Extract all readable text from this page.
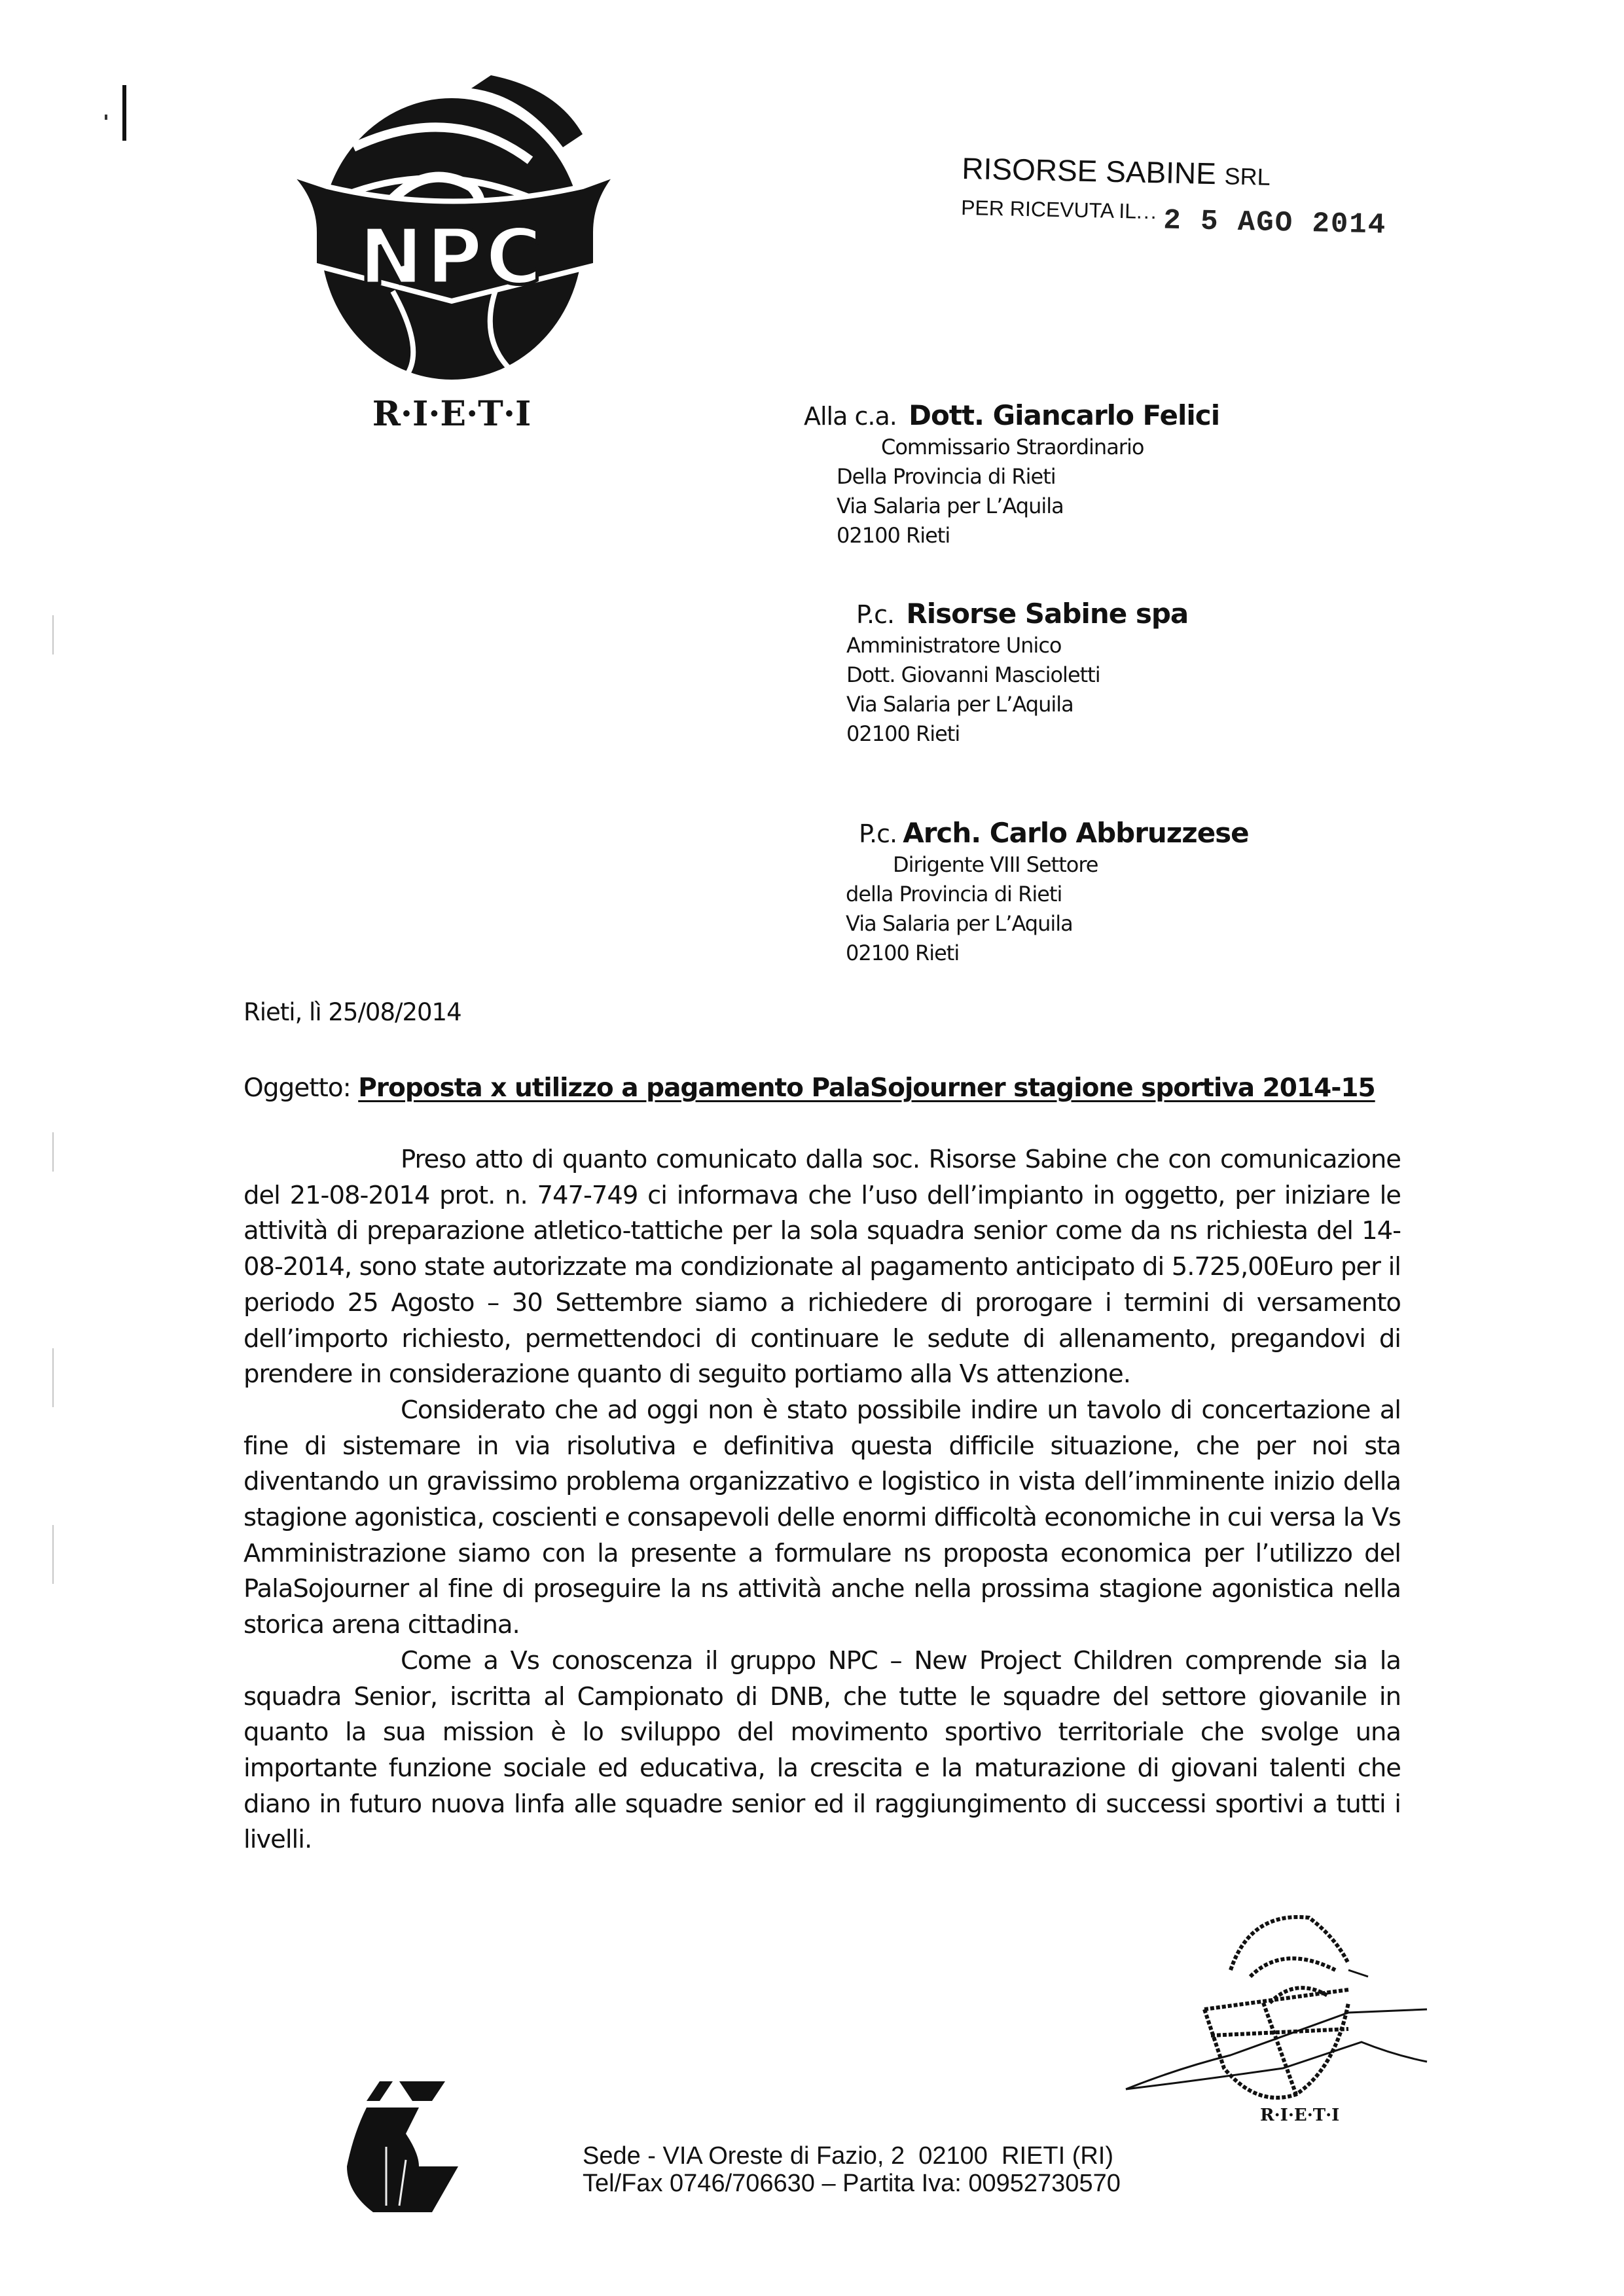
NPC
R·I·E·T·I
RISORSE SABINE SRL
PER RICEVUTA IL... 2 5 AGO 2014
Alla c.a. Dott. Giancarlo Felici
Commissario Straordinario
Della Provincia di Rieti
Via Salaria per L’Aquila
02100 Rieti
P.c. Risorse Sabine spa
Amministratore Unico
Dott. Giovanni Mascioletti
Via Salaria per L’Aquila
02100 Rieti
P.c. Arch. Carlo Abbruzzese
Dirigente VIII Settore
della Provincia di Rieti
Via Salaria per L’Aquila
02100 Rieti
Rieti, lì 25/08/2014
Oggetto: Proposta x utilizzo a pagamento PalaSojourner stagione sportiva 2014-15

Preso atto di quanto comunicato dalla soc. Risorse Sabine che con comunicazione del 21-08-2014 prot. n. 747-749 ci informava che l’uso dell’impianto in oggetto, per iniziare le attività di preparazione atletico-tattiche per la sola squadra senior come da ns richiesta del 14-08-2014, sono state autorizzate ma condizionate al pagamento anticipato di 5.725,00Euro per il periodo 25 Agosto – 30 Settembre siamo a richiedere di prorogare i termini di versamento dell’importo richiesto, permettendoci di continuare le sedute di allenamento, pregandovi di prendere in considerazione quanto di seguito portiamo alla Vs attenzione.

Considerato che ad oggi non è stato possibile indire un tavolo di concertazione al fine di sistemare in via risolutiva e definitiva questa difficile situazione, che per noi sta diventando un gravissimo problema organizzativo e logistico in vista dell’imminente inizio della stagione agonistica, coscienti e consapevoli delle enormi difficoltà economiche in cui versa la Vs Amministrazione siamo con la presente a formulare ns proposta economica per l’utilizzo del PalaSojourner al fine di proseguire la ns attività anche nella prossima stagione agonistica nella storica arena cittadina.

Come a Vs conoscenza il gruppo NPC – New Project Children comprende sia la squadra Senior, iscritta al Campionato di DNB, che tutte le squadre del settore giovanile in quanto la sua mission è lo sviluppo del movimento sportivo territoriale che svolge una importante funzione sociale ed educativa, la crescita e la maturazione di giovani talenti che diano in futuro nuova linfa alle squadre senior ed il raggiungimento di successi sportivi a tutti i livelli.

R·I·E·T·I
Sede - VIA Oreste di Fazio, 2  02100  RIETI (RI)
Tel/Fax 0746/706630 – Partita Iva: 00952730570
